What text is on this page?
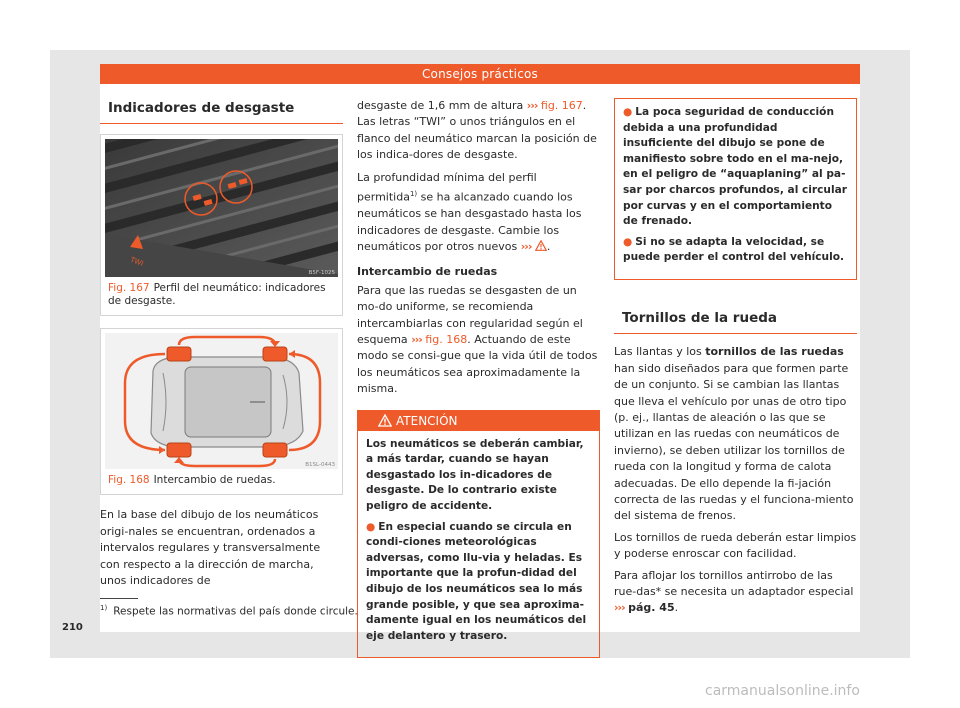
Consejos prácticos
Indicadores de desgaste
TWI
B5F-1025
Fig. 167 Perfil del neumático: indicadores de desgaste.
B1SL-0443
Fig. 168 Intercambio de ruedas.

En la base del dibujo de los neumáticos origi-nales se encuentran, ordenados a intervalos regulares y transversalmente con respecto a la dirección de marcha, unos indicadores de

desgaste de 1,6 mm de altura ››› fig. 167. Las letras “TWI” o unos triángulos en el flanco del neumático marcan la posición de los indica-dores de desgaste.

La profundidad mínima del perfil permitida$^{1)}$ se ha alcanzado cuando los neumáticos se han desgastado hasta los indicadores de desgaste. Cambie los neumáticos por otros nuevos ››› .

Intercambio de ruedas

Para que las ruedas se desgasten de un mo-do uniforme, se recomienda intercambiarlas con regularidad según el esquema ››› fig. 168. Actuando de este modo se consi-gue que la vida útil de todos los neumáticos sea aproximadamente la misma.

ATENCIÓN

Los neumáticos se deberán cambiar, a más tardar, cuando se hayan desgastado los in-dicadores de desgaste. De lo contrario existe peligro de accidente.

● En especial cuando se circula en condi-ciones meteorológicas adversas, como llu-via y heladas. Es importante que la profun-didad del dibujo de los neumáticos sea lo más grande posible, y que sea aproxima-damente igual en los neumáticos del eje delantero y trasero.

● La poca seguridad de conducción debida a una profundidad insuficiente del dibujo se pone de manifiesto sobre todo en el ma-nejo, en el peligro de “aquaplaning” al pa-sar por charcos profundos, al circular por curvas y en el comportamiento de frenado.

● Si no se adapta la velocidad, se puede perder el control del vehículo.

Tornillos de la rueda

Las llantas y los tornillos de las ruedas han sido diseñados para que formen parte de un conjunto. Si se cambian las llantas que lleva el vehículo por unas de otro tipo (p. ej., llantas de aleación o las que se utilizan en las ruedas con neumáticos de invierno), se deben utilizar los tornillos de rueda con la longitud y forma de calota adecuadas. De ello depende la fi-jación correcta de las ruedas y el funciona-miento del sistema de frenos.

Los tornillos de rueda deberán estar limpios y poderse enroscar con facilidad.

Para aflojar los tornillos antirrobo de las rue-das* se necesita un adaptador especial ››› pág. 45.

$^{1)}$ Respete las normativas del país donde circule.
210
carmanualsonline.info
